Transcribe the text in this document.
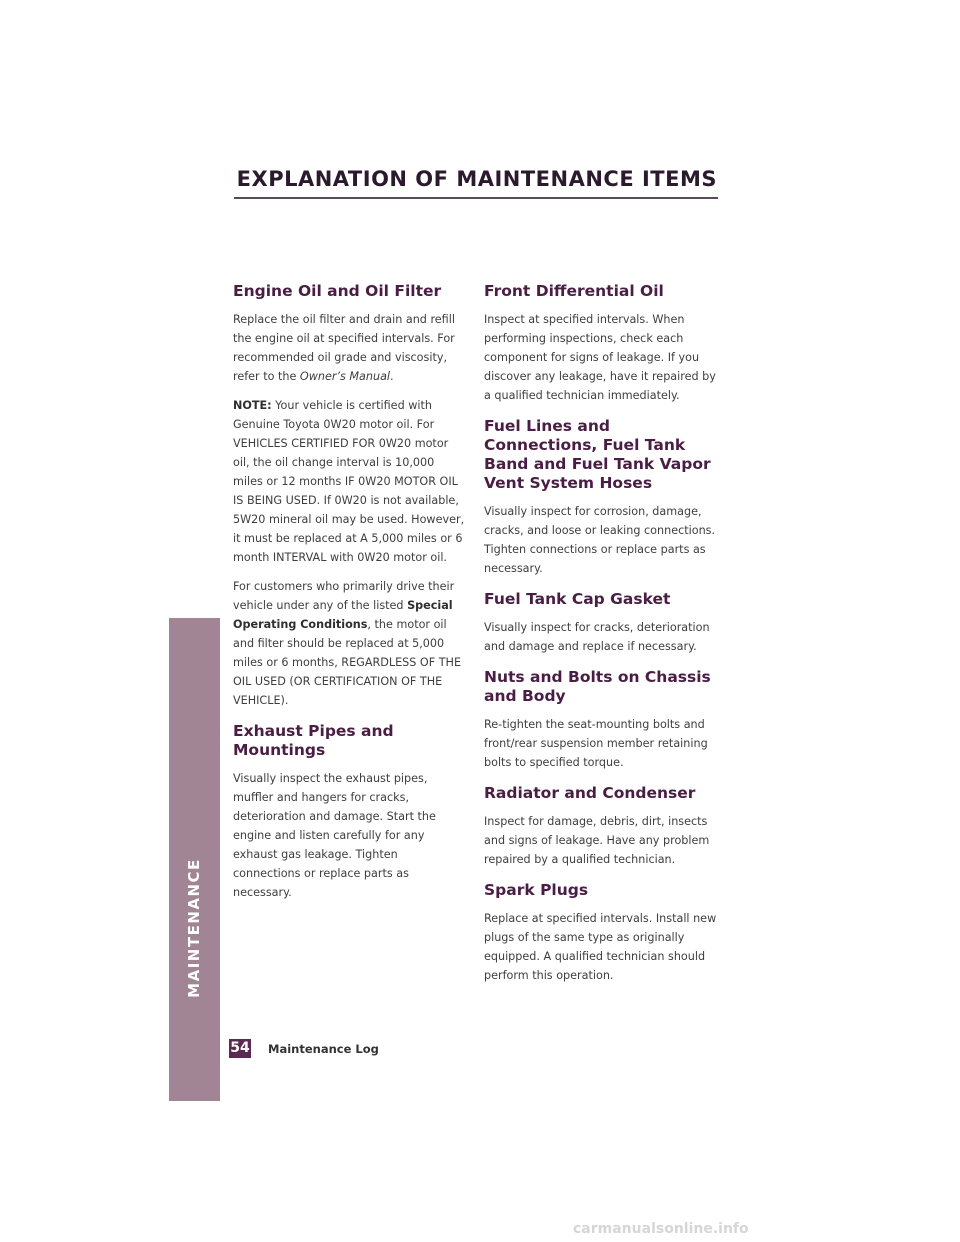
EXPLANATION OF MAINTENANCE ITEMS
Engine Oil and Oil Filter

Replace the oil filter and drain and refill the engine oil at specified intervals. For recommended oil grade and viscosity, refer to the Owner’s Manual.

NOTE: Your vehicle is certified with Genuine Toyota 0W20 motor oil. For VEHICLES CERTIFIED FOR 0W20 motor oil, the oil change interval is 10,000 miles or 12 months IF 0W20 MOTOR OIL IS BEING USED. If 0W20 is not available, 5W20 mineral oil may be used. However, it must be replaced at A 5,000 miles or 6 month INTERVAL with 0W20 motor oil.

For customers who primarily drive their vehicle under any of the listed Special Operating Conditions, the motor oil and filter should be replaced at 5,000 miles or 6 months, REGARDLESS OF THE OIL USED (OR CERTIFICATION OF THE VEHICLE).

Exhaust Pipes and Mountings

Visually inspect the exhaust pipes, muffler and hangers for cracks, deterioration and damage. Start the engine and listen carefully for any exhaust gas leakage. Tighten connections or replace parts as necessary.

Front Differential Oil

Inspect at specified intervals. When performing inspections, check each component for signs of leakage. If you discover any leakage, have it repaired by a qualified technician immediately.

Fuel Lines and Connections, Fuel Tank Band and Fuel Tank Vapor Vent System Hoses

Visually inspect for corrosion, damage, cracks, and loose or leaking connections. Tighten connections or replace parts as necessary.

Fuel Tank Cap Gasket

Visually inspect for cracks, deterioration and damage and replace if necessary.

Nuts and Bolts on Chassis and Body

Re-tighten the seat-mounting bolts and front/rear suspension member retaining bolts to specified torque.

Radiator and Condenser

Inspect for damage, debris, dirt, insects and signs of leakage. Have any problem repaired by a qualified technician.

Spark Plugs

Replace at specified intervals. Install new plugs of the same type as originally equipped. A qualified technician should perform this operation.

MAINTENANCE
54 Maintenance Log
carmanualsonline.info
